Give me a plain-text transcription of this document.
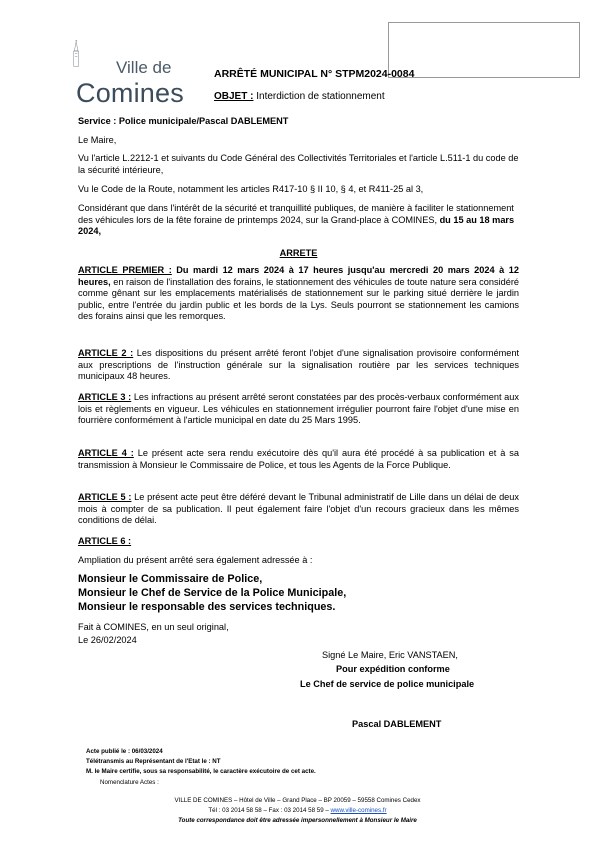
Ville de
Comines
ARRÊTÉ MUNICIPAL N° STPM2024-0084
OBJET : Interdiction de stationnement
Service : Police municipale/Pascal DABLEMENT
Le Maire,
Vu l'article L.2212-1 et suivants du Code Général des Collectivités Territoriales et l'article L.511-1 du code de la sécurité intérieure,
Vu le Code de la Route, notamment les articles R417-10 § II 10, § 4, et R411-25 al 3,
Considérant que dans l'intérêt de la sécurité et tranquillité publiques, de manière à faciliter le stationnement des véhicules lors de la fête foraine de printemps 2024, sur la Grand-place à COMINES, du 15 au 18 mars 2024,
ARRETE
ARTICLE PREMIER : Du mardi 12 mars 2024 à 17 heures jusqu'au mercredi 20 mars 2024 à 12 heures, en raison de l'installation des forains, le stationnement des véhicules de toute nature sera considéré comme gênant sur les emplacements matérialisés de stationnement sur le parking situé derrière le jardin public, entre l'entrée du jardin public et les bords de la Lys. Seuls pourront se stationnement les camions des forains ainsi que les remorques.
ARTICLE 2 : Les dispositions du présent arrêté feront l'objet d'une signalisation provisoire conformément aux prescriptions de l'instruction générale sur la signalisation routière par les services techniques municipaux 48 heures.
ARTICLE 3 : Les infractions au présent arrêté seront constatées par des procès-verbaux conformément aux lois et règlements en vigueur. Les véhicules en stationnement irrégulier pourront faire l'objet d'une mise en fourrière conformément à l'article municipal en date du 25 Mars 1995.
ARTICLE 4 : Le présent acte sera rendu exécutoire dès qu'il aura été procédé à sa publication et à sa transmission à Monsieur le Commissaire de Police, et tous les Agents de la Force Publique.
ARTICLE 5 : Le présent acte peut être déféré devant le Tribunal administratif de Lille dans un délai de deux mois à compter de sa publication. Il peut également faire l'objet d'un recours gracieux dans les mêmes conditions de délai.
ARTICLE 6 :
Ampliation du présent arrêté sera également adressée à :
Monsieur le Commissaire de Police,
Monsieur le Chef de Service de la Police Municipale,
Monsieur le responsable des services techniques.
Fait à COMINES, en un seul original,
Le 26/02/2024
Signé Le Maire, Eric VANSTAEN,
Pour expédition conforme
Le Chef de service de police municipale
Pascal DABLEMENT
Acte publié le : 06/03/2024
Télétransmis au Représentant de l'Etat le : NT
M. le Maire certifie, sous sa responsabilité, le caractère exécutoire de cet acte.
Nomenclature Actes :
VILLE DE COMINES – Hôtel de Ville – Grand Place – BP 20059 – 59558 Comines Cedex
Tél : 03 2014 58 58 – Fax : 03 2014 58 59 – www.ville-comines.fr
Toute correspondance doit être adressée impersonnellement à Monsieur le Maire
